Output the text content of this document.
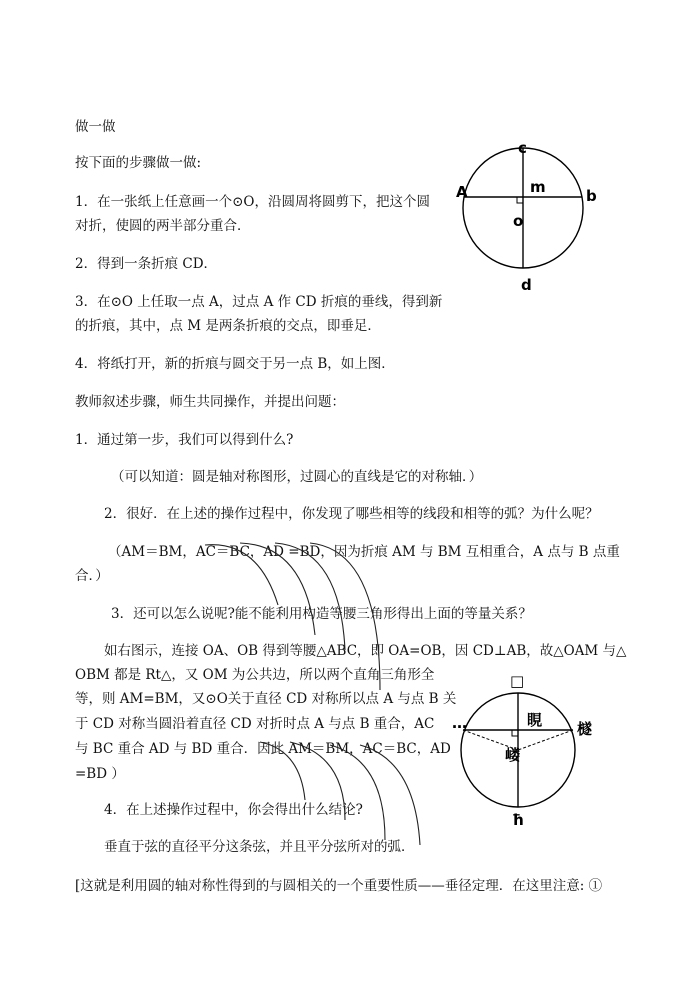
做一做
按下面的步骤做一做:
1．在一张纸上任意画一个⊙O，沿圆周将圆剪下，把这个圆
对折，使圆的两半部分重合．
2．得到一条折痕 CD．
3．在⊙O 上任取一点 A，过点 A 作 CD 折痕的垂线，得到新
的折痕，其中，点 M 是两条折痕的交点，即垂足．
4．将纸打开，新的折痕与圆交于另一点 B，如上图．
教师叙述步骤，师生共同操作，并提出问题：
1．通过第一步，我们可以得到什么?
（可以知道：圆是轴对称图形，过圆心的直线是它的对称轴．）
2．很好．在上述的操作过程中，你发现了哪些相等的线段和相等的弧？为什么呢？
（AM＝BM，AC＝BC，AD =BD，因为折痕 AM 与 BM 互相重合，A 点与 B 点重
合．）
3．还可以怎么说呢?能不能利用构造等腰三角形得出上面的等量关系？
如右图示，连接 OA、OB 得到等腰△ABC，即 OA=OB，因 CD⊥AB，故△OAM 与△
OBM 都是 Rt△，又 OM 为公共边，所以两个直角三角形全
等，则 AM=BM，又⊙O关于直径 CD 对称所以点 A 与点 B 关
于 CD 对称当圆沿着直径 CD 对折时点 A 与点 B 重合，AC
与 BC 重合 AD 与 BD 重合．因此 AM＝BM，AC＝BC，AD
=BD ）
4．在上述操作过程中，你会得出什么结论?
垂直于弦的直径平分这条弦，并且平分弦所对的弧．
[这就是利用圆的轴对称性得到的与圆相关的一个重要性质——垂径定理．在这里注意: ①
c
m
A	b
o
d
□
睍
…	檖
嵝
ħ
